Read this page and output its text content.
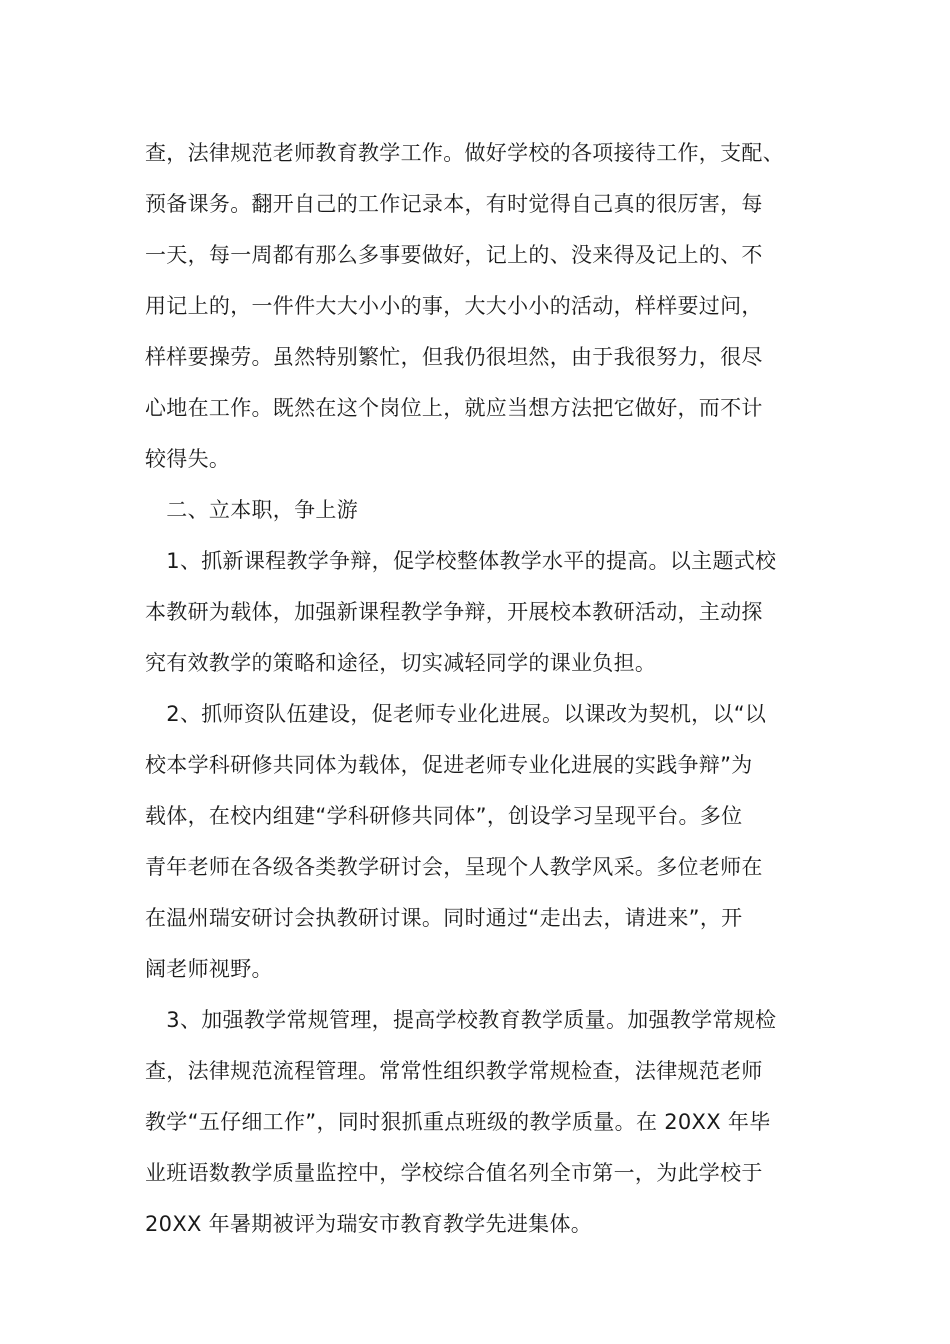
查，法律规范老师教育教学工作。做好学校的各项接待工作，支配、
预备课务。翻开自己的工作记录本，有时觉得自己真的很厉害，每
一天，每一周都有那么多事要做好，记上的、没来得及记上的、不
用记上的，一件件大大小小的事，大大小小的活动，样样要过问，
样样要操劳。虽然特别繁忙，但我仍很坦然，由于我很努力，很尽
心地在工作。既然在这个岗位上，就应当想方法把它做好，而不计
较得失。
　二、立本职，争上游
　1、抓新课程教学争辩，促学校整体教学水平的提高。以主题式校
本教研为载体，加强新课程教学争辩，开展校本教研活动，主动探
究有效教学的策略和途径，切实减轻同学的课业负担。
　2、抓师资队伍建设，促老师专业化进展。以课改为契机，以“以
校本学科研修共同体为载体，促进老师专业化进展的实践争辩”为
载体，在校内组建“学科研修共同体”，创设学习呈现平台。多位
青年老师在各级各类教学研讨会，呈现个人教学风采。多位老师在
在温州瑞安研讨会执教研讨课。同时通过“走出去，请进来”，开
阔老师视野。
　3、加强教学常规管理，提高学校教育教学质量。加强教学常规检
查，法律规范流程管理。常常性组织教学常规检查，法律规范老师
教学“五仔细工作”，同时狠抓重点班级的教学质量。在 20XX 年毕
业班语数教学质量监控中，学校综合值名列全市第一，为此学校于
20XX 年暑期被评为瑞安市教育教学先进集体。
